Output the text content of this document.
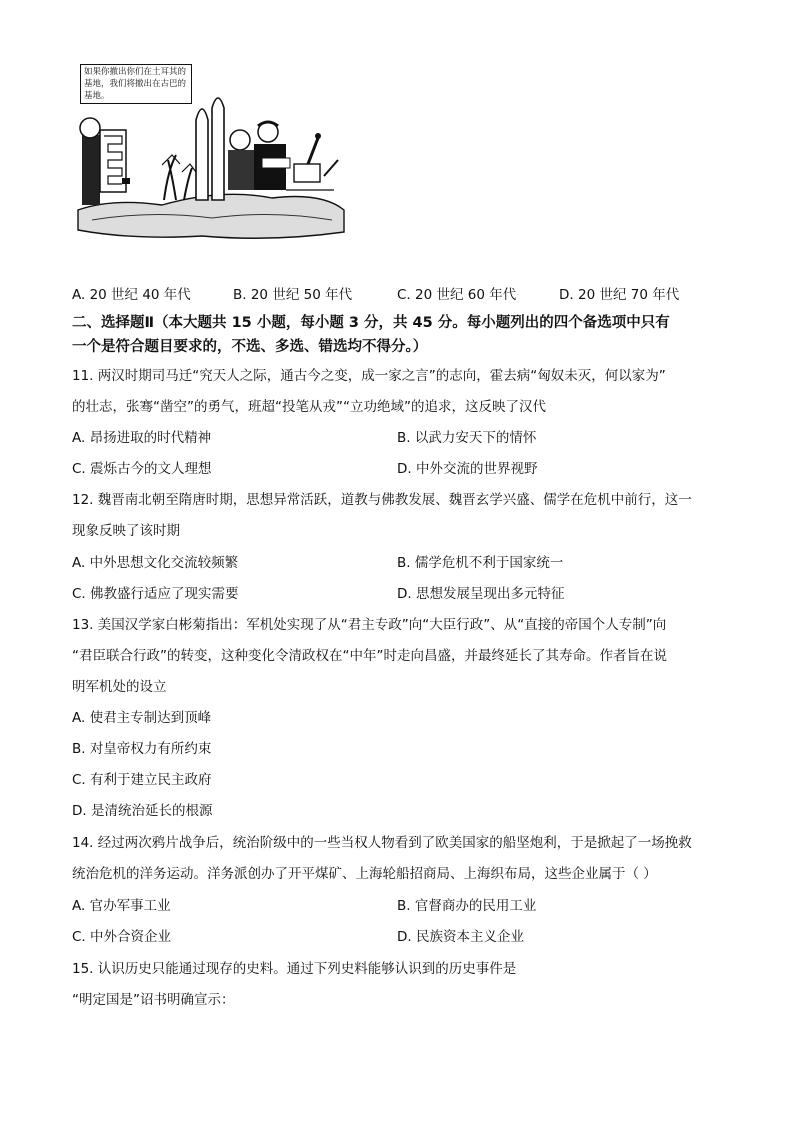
如果你撤出你们在土耳其的基地，我们将撤出在古巴的基地。
A. 20 世纪 40 年代	B. 20 世纪 50 年代	C. 20 世纪 60 年代	D. 20 世纪 70 年代
二、选择题Ⅱ（本大题共 15 小题，每小题 3 分，共 45 分。每小题列出的四个备选项中只有
一个是符合题目要求的，不选、多选、错选均不得分。）
11. 两汉时期司马迁“究天人之际，通古今之变，成一家之言”的志向，霍去病“匈奴未灭，何以家为”
的壮志，张骞“凿空”的勇气，班超“投笔从戎”“立功绝域”的追求，这反映了汉代
A. 昂扬进取的时代精神	B. 以武力安天下的情怀
C. 震烁古今的文人理想	D. 中外交流的世界视野
12. 魏晋南北朝至隋唐时期，思想异常活跃，道教与佛教发展、魏晋玄学兴盛、儒学在危机中前行，这一
现象反映了该时期
A. 中外思想文化交流较频繁	B. 儒学危机不利于国家统一
C. 佛教盛行适应了现实需要	D. 思想发展呈现出多元特征
13. 美国汉学家白彬菊指出：军机处实现了从“君主专政”向“大臣行政”、从“直接的帝国个人专制”向
“君臣联合行政”的转变，这种变化令清政权在“中年”时走向昌盛，并最终延长了其寿命。作者旨在说
明军机处的设立
A. 使君主专制达到顶峰
B. 对皇帝权力有所约束
C. 有利于建立民主政府
D. 是清统治延长的根源
14. 经过两次鸦片战争后，统治阶级中的一些当权人物看到了欧美国家的船坚炮利，于是掀起了一场挽救
统治危机的洋务运动。洋务派创办了开平煤矿、上海轮船招商局、上海织布局，这些企业属于（ ）
A. 官办军事工业	B. 官督商办的民用工业
C. 中外合资企业	D. 民族资本主义企业
15. 认识历史只能通过现存的史料。通过下列史料能够认识到的历史事件是
“明定国是”诏书明确宣示：
